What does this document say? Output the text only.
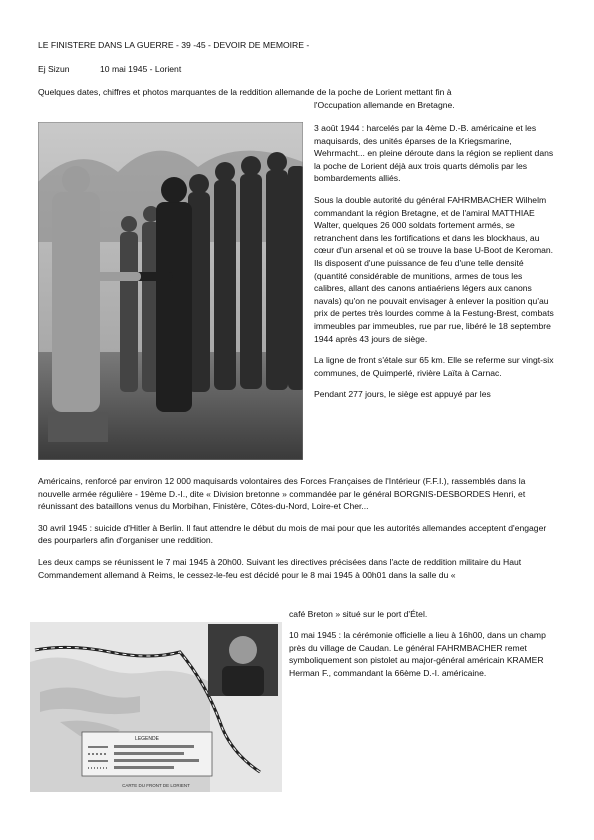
LE FINISTERE DANS LA GUERRE - 39 -45 - DEVOIR DE MEMOIRE -
Ej Sizun	10 mai 1945 - Lorient
Quelques dates, chiffres et photos marquantes de la reddition allemande de la poche de Lorient mettant fin à
l'Occupation allemande en Bretagne.

3 août 1944 : harcelés par la 4ème D.-B. américaine et les maquisards, des unités éparses de la Kriegsmarine, Wehrmacht... en pleine déroute dans la région se replient dans la poche de Lorient déjà aux trois quarts démolis par les bombardements alliés.

Sous la double autorité du général FAHRMBACHER Wilhelm commandant la région Bretagne, et de l'amiral MATTHIAE Walter, quelques 26 000 soldats fortement armés, se retranchent dans les fortifications et dans les blockhaus, au cœur d'un arsenal et où se trouve la base U-Boot de Keroman. Ils disposent d'une puissance de feu d'une telle densité (quantité considérable de munitions, armes de tous les calibres, allant des canons antiaériens légers aux canons navals) qu'on ne pouvait envisager à enlever la position qu'au prix de pertes très lourdes comme à la Festung-Brest, combats immeubles par immeubles, rue par rue, libéré le 18 septembre 1944 après 43 jours de siège.

La ligne de front s'étale sur 65 km. Elle se referme sur vingt-six communes, de Quimperlé, rivière Laïta à Carnac.

Pendant 277 jours, le siège est appuyé par les

Américains, renforcé par environ 12 000 maquisards volontaires des Forces Françaises de l'Intérieur (F.F.I.), rassemblés dans la nouvelle armée régulière - 19ème D.-I., dite « Division bretonne » commandée par le général BORGNIS-DESBORDES Henri, et réunissant des bataillons venus du Morbihan, Finistère, Côtes-du-Nord, Loire-et Cher...

30 avril 1945 : suicide d'Hitler à Berlin. Il faut attendre le début du mois de mai pour que les autorités allemandes acceptent d'engager des pourparlers afin d'organiser une reddition.

Les deux camps se réunissent le 7 mai 1945 à 20h00. Suivant les directives précisées dans l'acte de reddition militaire du Haut Commandement allemand à Reims, le cessez-le-feu est décidé pour le 8 mai 1945 à 00h01 dans la salle du «

café Breton » situé sur le port d'Étel.
LEGENDE
CARTE DU FRONT DE LORIENT
10 mai 1945 : la cérémonie officielle a lieu à 16h00, dans un champ près du village de Caudan. Le général FAHRMBACHER remet symboliquement son pistolet au major-général américain KRAMER Herman F., commandant la 66ème D.-I. américaine.
